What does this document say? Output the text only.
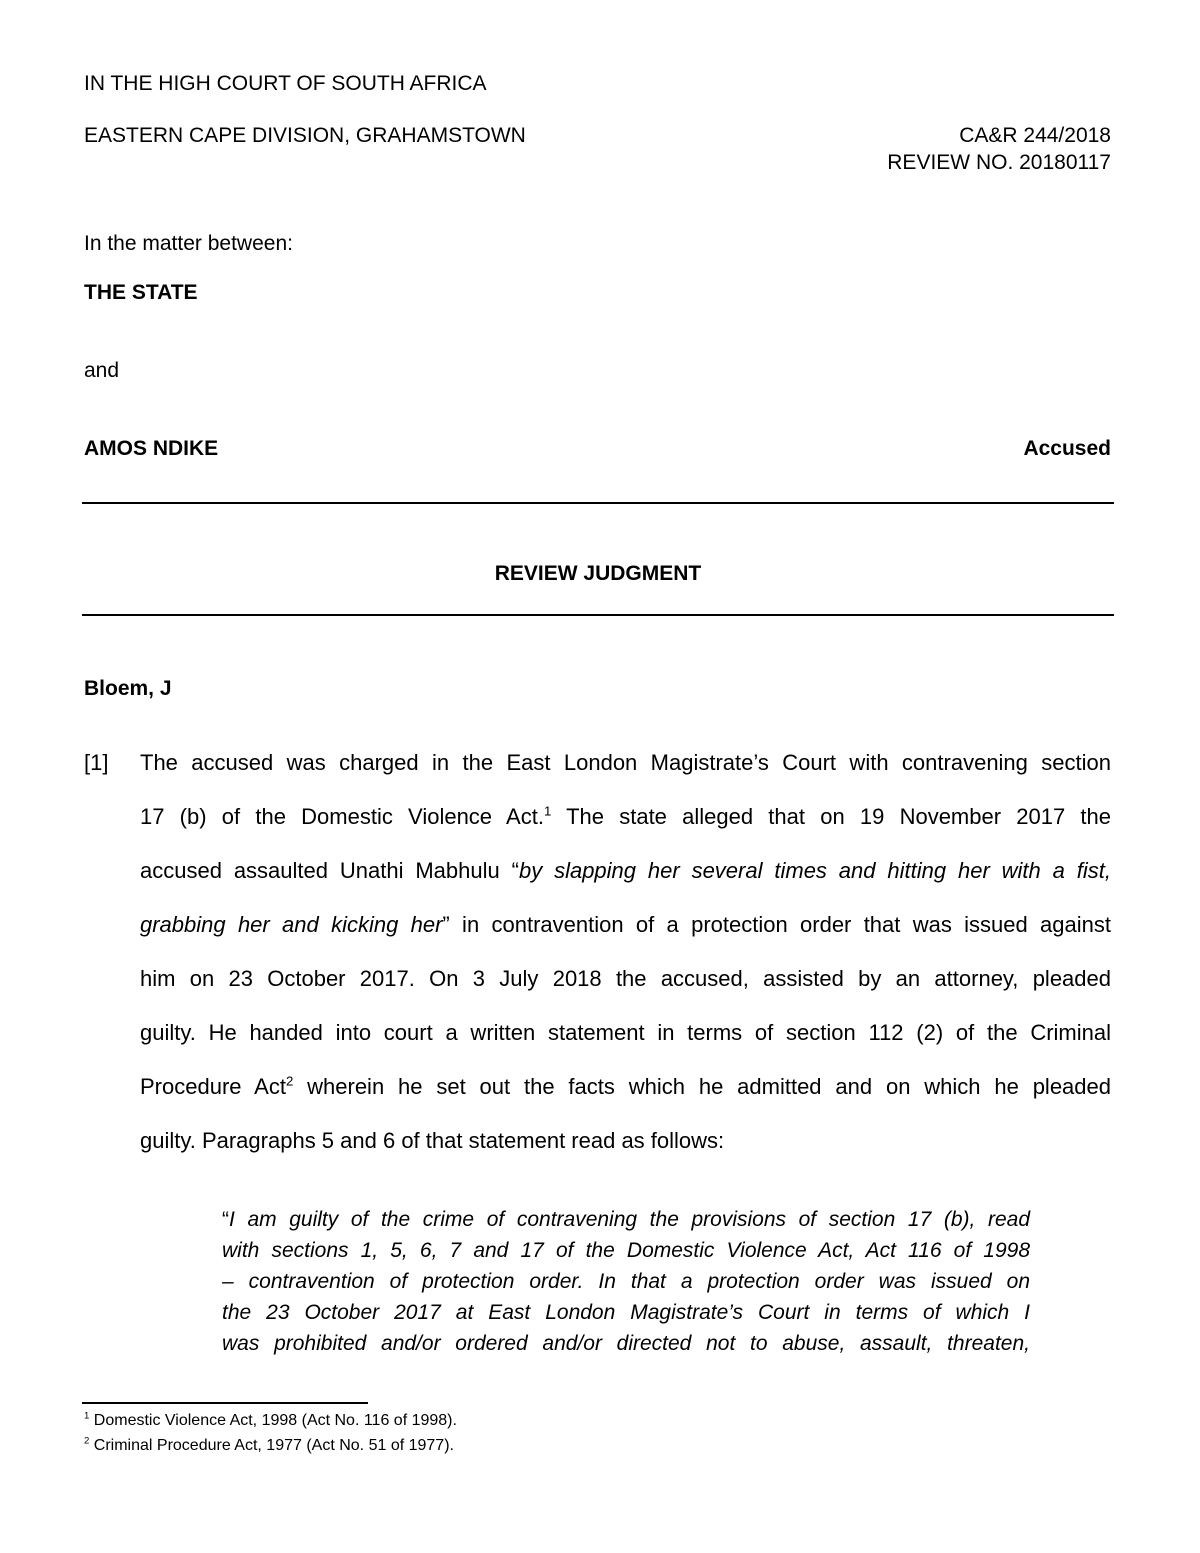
IN THE HIGH COURT OF SOUTH AFRICA
EASTERN CAPE DIVISION, GRAHAMSTOWN	CA&R 244/2018
REVIEW NO. 20180117
In the matter between:
THE STATE
and
AMOS NDIKE	Accused
REVIEW JUDGMENT
Bloem, J
[1] The accused was charged in the East London Magistrate’s Court with contravening section
17 (b) of the Domestic Violence Act.$^1$ The state alleged that on 19 November 2017 the
accused assaulted Unathi Mabhulu “by slapping her several times and hitting her with a fist,
grabbing her and kicking her” in contravention of a protection order that was issued against
him on 23 October 2017. On 3 July 2018 the accused, assisted by an attorney, pleaded
guilty. He handed into court a written statement in terms of section 112 (2) of the Criminal
Procedure Act$^2$ wherein he set out the facts which he admitted and on which he pleaded
guilty. Paragraphs 5 and 6 of that statement read as follows:
“I am guilty of the crime of contravening the provisions of section 17 (b), read
with sections 1, 5, 6, 7 and 17 of the Domestic Violence Act, Act 116 of 1998
– contravention of protection order. In that a protection order was issued on
the 23 October 2017 at East London Magistrate’s Court in terms of which I
was prohibited and/or ordered and/or directed not to abuse, assault, threaten,
$^1$ Domestic Violence Act, 1998 (Act No. 116 of 1998).
$^2$ Criminal Procedure Act, 1977 (Act No. 51 of 1977).
